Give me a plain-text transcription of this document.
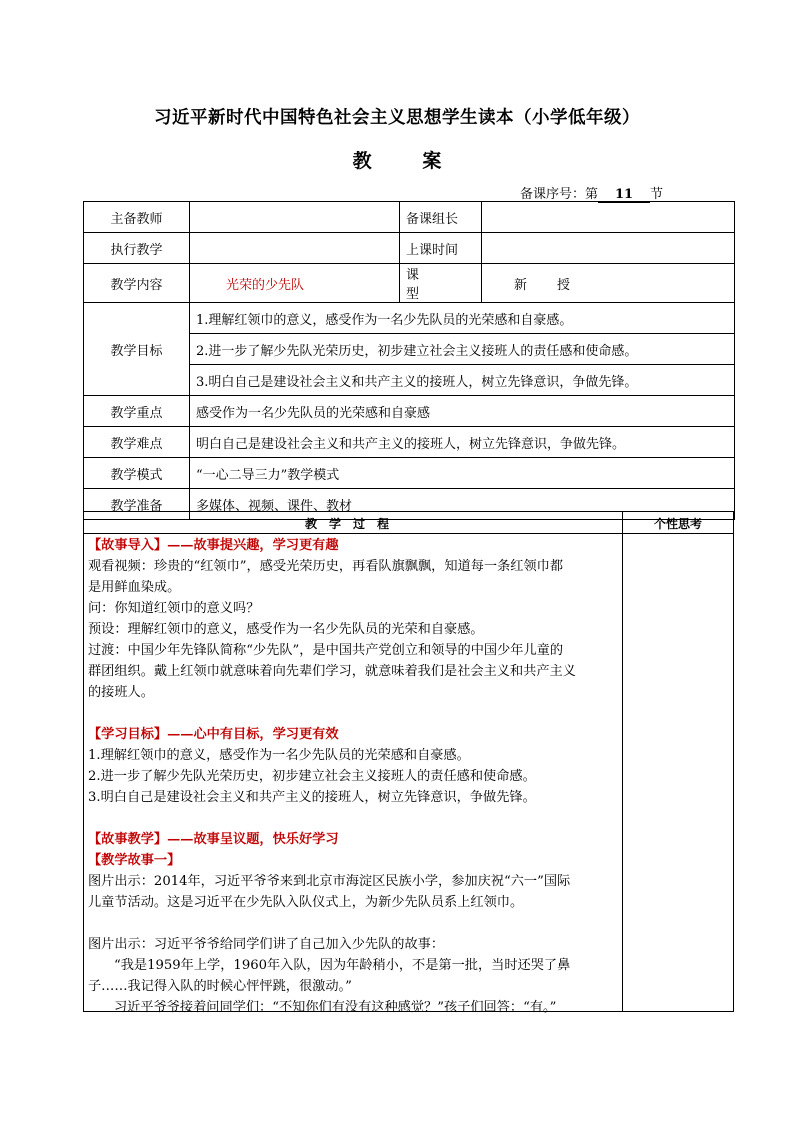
习近平新时代中国特色社会主义思想学生读本（小学低年级）
教	案
备课序号：第 11 节
主备教师		备课组长	
执行教学		上课时间	
教学内容	光荣的少先队	课型	新授
教学目标	1.理解红领巾的意义，感受作为一名少先队员的光荣感和自豪感。		
	2.进一步了解少先队光荣历史，初步建立社会主义接班人的责任感和使命感。		
	3.明白自己是建设社会主义和共产主义的接班人，树立先锋意识，争做先锋。		
教学重点	感受作为一名少先队员的光荣感和自豪感		
教学难点	明白自己是建设社会主义和共产主义的接班人，树立先锋意识，争做先锋。		
教学模式	“一心二导三力”教学模式		
教学准备	多媒体、视频、课件、教材		
教学过程	个性思考

【故事导入】——故事提兴趣，学习更有趣

观看视频：珍贵的“红领巾”，感受光荣历史，再看队旗飘飘，知道每一条红领巾都

是用鲜血染成。

问：你知道红领巾的意义吗？

预设：理解红领巾的意义，感受作为一名少先队员的光荣和自豪感。

过渡：中国少年先锋队简称“少先队”，是中国共产党创立和领导的中国少年儿童的

群团组织。戴上红领巾就意味着向先辈们学习，就意味着我们是社会主义和共产主义

的接班人。

【学习目标】——心中有目标，学习更有效

1.理解红领巾的意义，感受作为一名少先队员的光荣感和自豪感。

2.进一步了解少先队光荣历史，初步建立社会主义接班人的责任感和使命感。

3.明白自己是建设社会主义和共产主义的接班人，树立先锋意识，争做先锋。

【故事教学】——故事呈议题，快乐好学习

【教学故事一】

图片出示：2014年，习近平爷爷来到北京市海淀区民族小学，参加庆祝“六一”国际

儿童节活动。这是习近平在少先队入队仪式上，为新少先队员系上红领巾。

图片出示：习近平爷爷给同学们讲了自己加入少先队的故事：

“我是1959年上学，1960年入队，因为年龄稍小，不是第一批，当时还哭了鼻

子……我记得入队的时候心怦怦跳，很激动。”

习近平爷爷接着问同学们：“不知你们有没有这种感觉？”孩子们回答：“有。”
